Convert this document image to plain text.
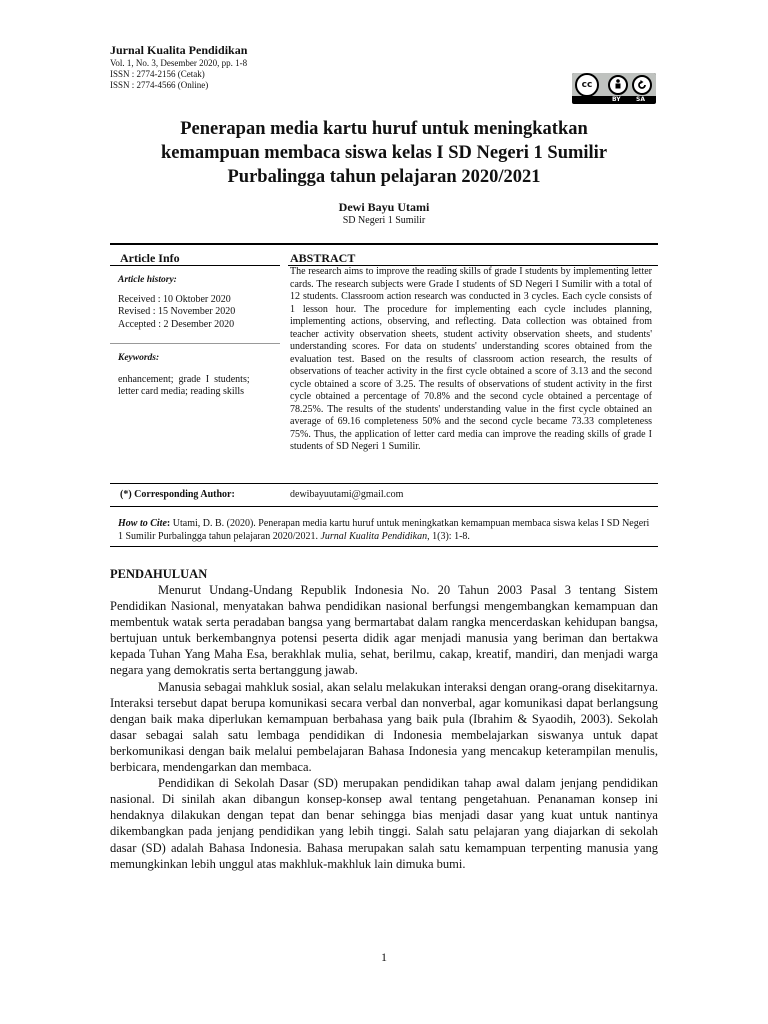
Jurnal Kualita Pendidikan
Vol. 1, No. 3, Desember 2020, pp. 1-8
ISSN : 2774-2156 (Cetak)
ISSN : 2774-4566 (Online)	cc
BY	SA
Penerapan media kartu huruf untuk meningkatkan
kemampuan membaca siswa kelas I SD Negeri 1 Sumilir
Purbalingga tahun pelajaran 2020/2021
Dewi Bayu Utami
SD Negeri 1 Sumilir
Article Info
Article history:
Received : 10 Oktober 2020
Revised : 15 November 2020
Accepted : 2 Desember 2020
Keywords:
enhancement;  grade  I  students;
letter card media; reading skills
ABSTRACT
The research aims to improve the reading skills of grade I students by implementing letter cards. The research subjects were Grade I students of SD Negeri I Sumilir with a total of 12 students. Classroom action research was conducted in 3 cycles. Each cycle consists of 1 lesson hour. The procedure for implementing each cycle includes planning, implementing actions, observing, and reflecting. Data collection was obtained from teacher activity observation sheets, student activity observation sheets, and students' understanding scores. For data on students' understanding scores obtained from the evaluation test. Based on the results of classroom action research, the results of observations of teacher activity in the first cycle obtained a score of 3.13 and the second cycle obtained a score of 3.25. The results of observations of student activity in the first cycle obtained a percentage of 70.8% and the second cycle obtained a percentage of 78.25%. The results of the students' understanding value in the first cycle obtained an average of 69.16 completeness 50% and the second cycle became 73.33 completeness 75%. Thus, the application of letter card media can improve the reading skills of grade I students of SD Negeri 1 Sumilir.
(*) Corresponding Author:	dewibayuutami@gmail.com
How to Cite: Utami, D. B. (2020). Penerapan media kartu huruf untuk meningkatkan kemampuan membaca siswa kelas I SD Negeri 1 Sumilir Purbalingga tahun pelajaran 2020/2021. Jurnal Kualita Pendidikan, 1(3): 1-8.
PENDAHULUAN

Menurut Undang-Undang Republik Indonesia No. 20 Tahun 2003 Pasal 3 tentang Sistem Pendidikan Nasional, menyatakan bahwa pendidikan nasional berfungsi mengembangkan kemampuan dan membentuk watak serta peradaban bangsa yang bermartabat dalam rangka mencerdaskan kehidupan bangsa, bertujuan untuk berkembangnya potensi peserta didik agar menjadi manusia yang beriman dan bertakwa kepada Tuhan Yang Maha Esa, berakhlak mulia, sehat, berilmu, cakap, kreatif, mandiri, dan menjadi warga negara yang demokratis serta bertanggung jawab.

Manusia sebagai mahkluk sosial, akan selalu melakukan interaksi dengan orang-orang disekitarnya. Interaksi tersebut dapat berupa komunikasi secara verbal dan nonverbal, agar komunikasi dapat berlangsung dengan baik maka diperlukan kemampuan berbahasa yang baik pula (Ibrahim & Syaodih, 2003). Sekolah dasar sebagai salah satu lembaga pendidikan di Indonesia membelajarkan siswanya untuk dapat berkomunikasi dengan baik melalui pembelajaran Bahasa Indonesia yang mencakup keterampilan menulis, berbicara, mendengarkan dan membaca.

Pendidikan di Sekolah Dasar (SD) merupakan pendidikan tahap awal dalam jenjang pendidikan nasional. Di sinilah akan dibangun konsep-konsep awal tentang pengetahuan. Penanaman konsep ini hendaknya dilakukan dengan tepat dan benar sehingga bias menjadi dasar yang kuat untuk nantinya dikembangkan pada jenjang pendidikan yang lebih tinggi. Salah satu pelajaran yang diajarkan di sekolah dasar (SD) adalah Bahasa Indonesia. Bahasa merupakan salah satu kemampuan terpenting manusia yang memungkinkan lebih unggul atas makhluk-makhluk lain dimuka bumi.

1
